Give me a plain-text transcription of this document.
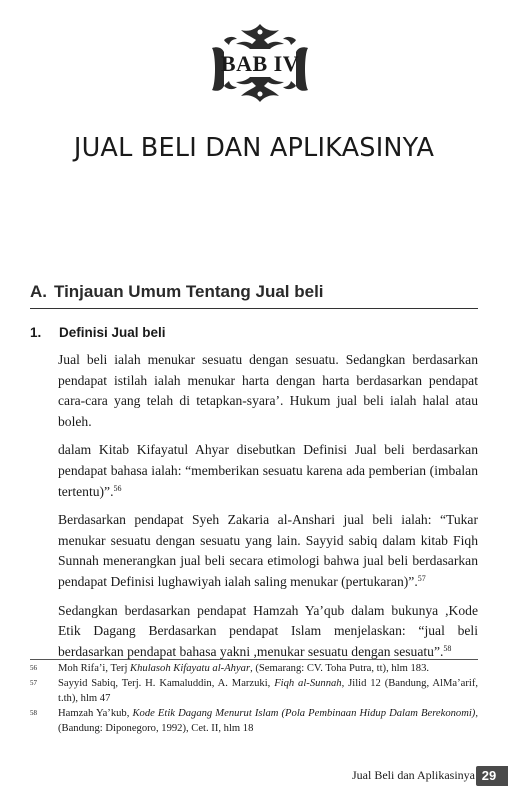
BAB IV
JUAL BELI DAN APLIKASINYA
A. Tinjauan Umum Tentang Jual beli
1. Definisi Jual beli

Jual beli ialah menukar sesuatu dengan sesuatu. Sedangkan berdasarkan pendapat istilah ialah menukar harta dengan harta berdasarkan pendapat cara-cara yang telah di tetapkan-syara’. Hukum jual beli ialah halal atau boleh.

dalam Kitab Kifayatul Ahyar disebutkan Definisi Jual beli berdasarkan pendapat bahasa ialah: “memberikan sesuatu karena ada pemberian (imbalan tertentu)”.$^{56}$

Berdasarkan pendapat Syeh Zakaria al-Anshari jual beli ialah: “Tukar menukar sesuatu dengan sesuatu yang lain. Sayyid sabiq dalam kitab Fiqh Sunnah menerangkan jual beli secara etimologi bahwa jual beli berdasarkan pendapat Definisi lughawiyah ialah saling menukar (pertukaran)”.$^{57}$

Sedangkan berdasarkan pendapat Hamzah Ya’qub dalam bukunya ,Kode Etik Dagang Berdasarkan pendapat Islam menjelaskan: “jual beli berdasarkan pendapat bahasa yakni ,menukar sesuatu dengan sesuatu”.$^{58}$

56	Moh Rifa’i, Terj Khulasoh Kifayatu al-Ahyar, (Semarang: CV. Toha Putra, tt), hlm 183.
57	Sayyid Sabiq, Terj. H. Kamaluddin, A. Marzuki, Fiqh al-Sunnah, Jilid 12 (Bandung, AlMa’arif, t.th), hlm 47
58	Hamzah Ya’kub, Kode Etik Dagang Menurut Islam (Pola Pembinaan Hidup Dalam Berekonomi), (Bandung: Diponegoro, 1992), Cet. II, hlm 18
Jual Beli dan Aplikasinya 29
